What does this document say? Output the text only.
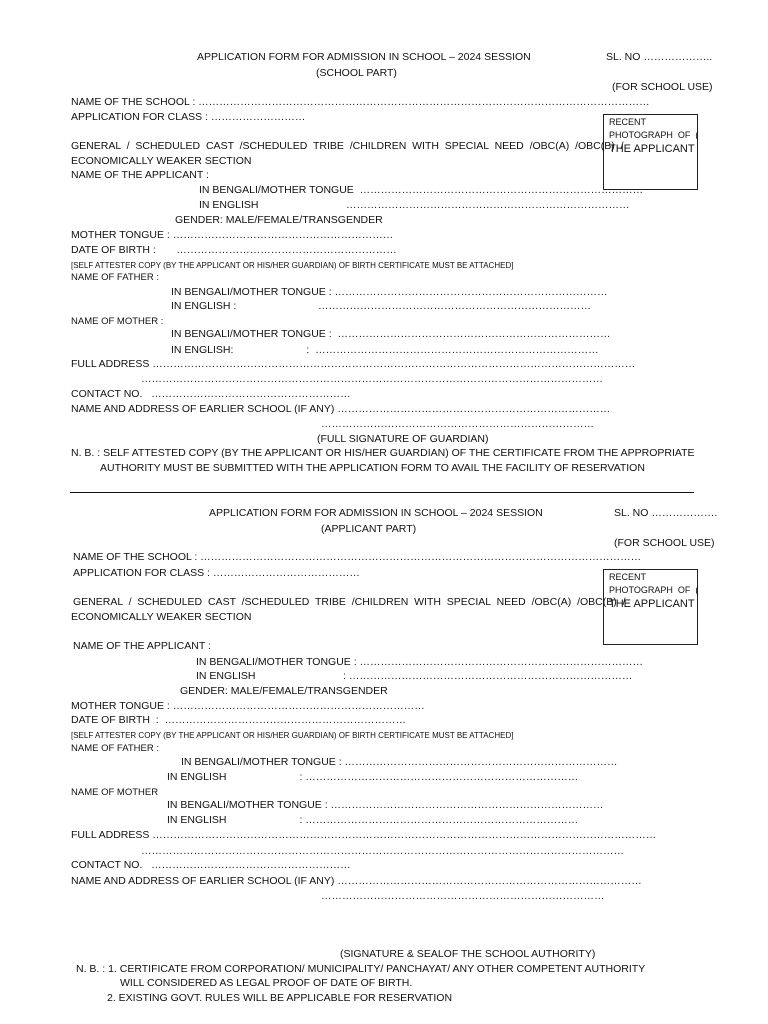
APPLICATION FORM FOR ADMISSION IN SCHOOL – 2024 SESSION
(SCHOOL PART)
SL. NO ………………..
(FOR SCHOOL USE)
RECENT
PHOTOGRAPH  OF  (
THE APPLICANT
NAME OF THE SCHOOL : …………………………………………………………………………………………………………………
APPLICATION FOR CLASS : ………………………
GENERAL  /  SCHEDULED  CAST  /SCHEDULED  TRIBE  /CHILDREN  WITH  SPECIAL  NEED  /OBC(A)  /OBC(B)  /
ECONOMICALLY WEAKER SECTION
NAME OF THE APPLICANT :
IN BENGALI/MOTHER TONGUE  ………………………………………………………………………
IN ENGLISH                              ………………………………………………………………………
GENDER: MALE/FEMALE/TRANSGENDER
MOTHER TONGUE : ………………………………………………………
DATE OF BIRTH :       ………………………………………………………
[SELF ATTESTER COPY (BY THE APPLICANT OR HIS/HER GUARDIAN) OF BIRTH CERTIFICATE MUST BE ATTACHED]
NAME OF FATHER :
IN BENGALI/MOTHER TONGUE : ……………………………………………………………………
IN ENGLISH :                            ……………………………………………………………………
NAME OF MOTHER :
IN BENGALI/MOTHER TONGUE :  ……………………………………………………………………
IN ENGLISH:                         :  ………………………………………………………………………
FULL ADDRESS …………………………………………………………………………………………………………………………
……………………………………………………………………………………………………………………
CONTACT NO.   …………………………………………………
NAME AND ADDRESS OF EARLIER SCHOOL (IF ANY) ……………………………………………………………………
……………………………………………………………………
(FULL SIGNATURE OF GUARDIAN)
N. B. : SELF ATTESTED COPY (BY THE APPLICANT OR HIS/HER GUARDIAN) OF THE CERTIFICATE FROM THE APPROPRIATE
AUTHORITY MUST BE SUBMITTED WITH THE APPLICATION FORM TO AVAIL THE FACILITY OF RESERVATION
APPLICATION FORM FOR ADMISSION IN SCHOOL – 2024 SESSION
(APPLICANT PART)
SL. NO ……………….
(FOR SCHOOL USE)
RECENT
PHOTOGRAPH  OF  (
THE APPLICANT
NAME OF THE SCHOOL : ………………………………………………………………………………………………………………
APPLICATION FOR CLASS : ……………………………………
GENERAL  /  SCHEDULED  CAST  /SCHEDULED  TRIBE  /CHILDREN  WITH  SPECIAL  NEED  /OBC(A)  /OBC(B)  /
ECONOMICALLY WEAKER SECTION
NAME OF THE APPLICANT :
IN BENGALI/MOTHER TONGUE : ………………………………………………………………………
IN ENGLISH                              : ………………………………………………………………………
GENDER: MALE/FEMALE/TRANSGENDER
MOTHER TONGUE : ………………………………………………………………
DATE OF BIRTH  :  ……………………………………………………………
[SELF ATTESTER COPY (BY THE APPLICANT OR HIS/HER GUARDIAN) OF BIRTH CERTIFICATE MUST BE ATTACHED]
NAME OF FATHER :
IN BENGALI/MOTHER TONGUE : ……………………………………………………………………
IN ENGLISH                         : ……………………………………………………………………
NAME OF MOTHER
IN BENGALI/MOTHER TONGUE : ……………………………………………………………………
IN ENGLISH                         : ……………………………………………………………………
FULL ADDRESS ………………………………………………………………………………………………………………………………
…………………………………………………………………………………………………………………………
CONTACT NO.   …………………………………………………
NAME AND ADDRESS OF EARLIER SCHOOL (IF ANY) ……………………………………………………………………………
………………………………………………………………………
(SIGNATURE & SEALOF THE SCHOOL AUTHORITY)
N. B. : 1. CERTIFICATE FROM CORPORATION/ MUNICIPALITY/ PANCHAYAT/ ANY OTHER COMPETENT AUTHORITY
WILL CONSIDERED AS LEGAL PROOF OF DATE OF BIRTH.
2. EXISTING GOVT. RULES WILL BE APPLICABLE FOR RESERVATION
